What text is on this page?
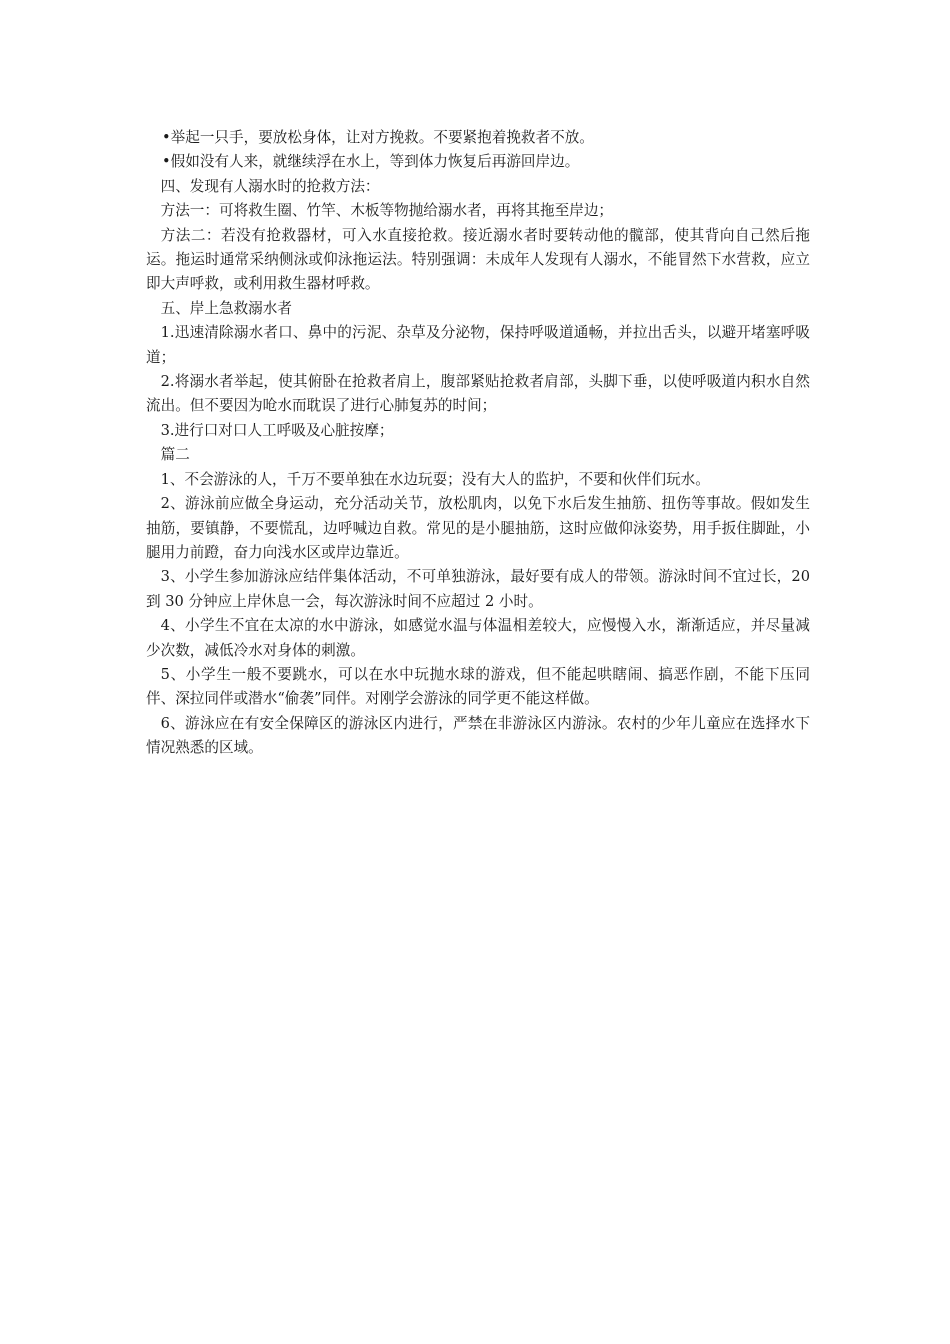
•举起一只手，要放松身体，让对方挽救。不要紧抱着挽救者不放。

•假如没有人来，就继续浮在水上，等到体力恢复后再游回岸边。

四、发现有人溺水时的抢救方法：

方法一：可将救生圈、竹竿、木板等物抛给溺水者，再将其拖至岸边；

方法二：若没有抢救器材，可入水直接抢救。接近溺水者时要转动他的髋部，使其背向自己然后拖运。拖运时通常采纳侧泳或仰泳拖运法。特别强调：未成年人发现有人溺水，不能冒然下水营救，应立即大声呼救，或利用救生器材呼救。

五、岸上急救溺水者

1.迅速清除溺水者口、鼻中的污泥、杂草及分泌物，保持呼吸道通畅，并拉出舌头，以避开堵塞呼吸道；

2.将溺水者举起，使其俯卧在抢救者肩上，腹部紧贴抢救者肩部，头脚下垂，以使呼吸道内积水自然流出。但不要因为呛水而耽误了进行心肺复苏的时间；

3.进行口对口人工呼吸及心脏按摩；

篇二

1、不会游泳的人，千万不要单独在水边玩耍；没有大人的监护，不要和伙伴们玩水。

2、游泳前应做全身运动，充分活动关节，放松肌肉，以免下水后发生抽筋、扭伤等事故。假如发生抽筋，要镇静，不要慌乱，边呼喊边自救。常见的是小腿抽筋，这时应做仰泳姿势，用手扳住脚趾，小腿用力前蹬，奋力向浅水区或岸边靠近。

3、小学生参加游泳应结伴集体活动，不可单独游泳，最好要有成人的带领。游泳时间不宜过长，20 到 30 分钟应上岸休息一会，每次游泳时间不应超过 2 小时。

4、小学生不宜在太凉的水中游泳，如感觉水温与体温相差较大，应慢慢入水，渐渐适应，并尽量减少次数，减低冷水对身体的刺激。

5、小学生一般不要跳水，可以在水中玩抛水球的游戏，但不能起哄瞎闹、搞恶作剧，不能下压同伴、深拉同伴或潜水“偷袭”同伴。对刚学会游泳的同学更不能这样做。

6、游泳应在有安全保障区的游泳区内进行，严禁在非游泳区内游泳。农村的少年儿童应在选择水下情况熟悉的区域。
